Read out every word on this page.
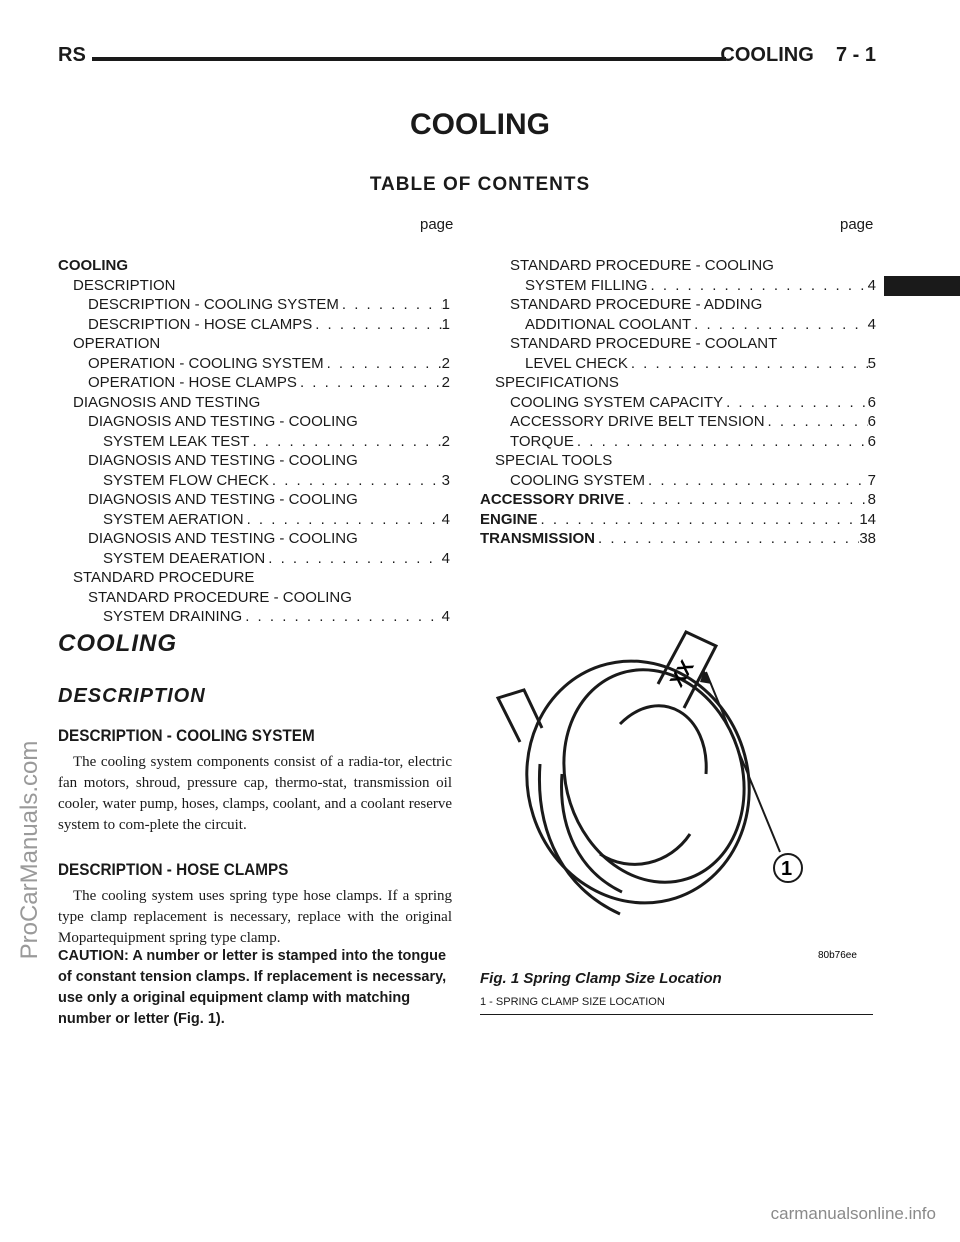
RS	COOLING    7 - 1
ProCarManuals.com
COOLING
TABLE OF CONTENTS
page	page
COOLING
DESCRIPTION
DESCRIPTION - COOLING SYSTEM . . .	1
DESCRIPTION - HOSE CLAMPS . . .	1
OPERATION
OPERATION - COOLING SYSTEM . . .	2
OPERATION - HOSE CLAMPS . . .	2
DIAGNOSIS AND TESTING
DIAGNOSIS AND TESTING - COOLING
SYSTEM LEAK TEST . . .	2
DIAGNOSIS AND TESTING - COOLING
SYSTEM FLOW CHECK . . .	3
DIAGNOSIS AND TESTING - COOLING
SYSTEM AERATION . . .	4
DIAGNOSIS AND TESTING - COOLING
SYSTEM DEAERATION . . .	4
STANDARD PROCEDURE
STANDARD PROCEDURE - COOLING
SYSTEM DRAINING . . .	4
STANDARD PROCEDURE - COOLING
SYSTEM FILLING . . .	4
STANDARD PROCEDURE - ADDING
ADDITIONAL COOLANT . . .	4
STANDARD PROCEDURE - COOLANT
LEVEL CHECK . . .	5
SPECIFICATIONS
COOLING SYSTEM CAPACITY . . .	6
ACCESSORY DRIVE BELT TENSION . . .	6
TORQUE . . .	6
SPECIAL TOOLS
COOLING SYSTEM . . .	7
ACCESSORY DRIVE . . .	8
ENGINE . . .	14
TRANSMISSION . . .	38
COOLING
DESCRIPTION
DESCRIPTION - COOLING SYSTEM

The cooling system components consist of a radia-tor, electric fan motors, shroud, pressure cap, thermo-stat, transmission oil cooler, water pump, hoses, clamps, coolant, and a coolant reserve system to com-plete the circuit.

DESCRIPTION - HOSE CLAMPS

The cooling system uses spring type hose clamps. If a spring type clamp replacement is necessary, replace with the original Mopartequipment spring type clamp.

CAUTION: A number or letter is stamped into the tongue of constant tension clamps. If replacement is necessary, use only a original equipment clamp with matching number or letter (Fig. 1).
XX
1
80b76ee
Fig. 1 Spring Clamp Size Location
1 - SPRING CLAMP SIZE LOCATION
carmanualsonline.info
